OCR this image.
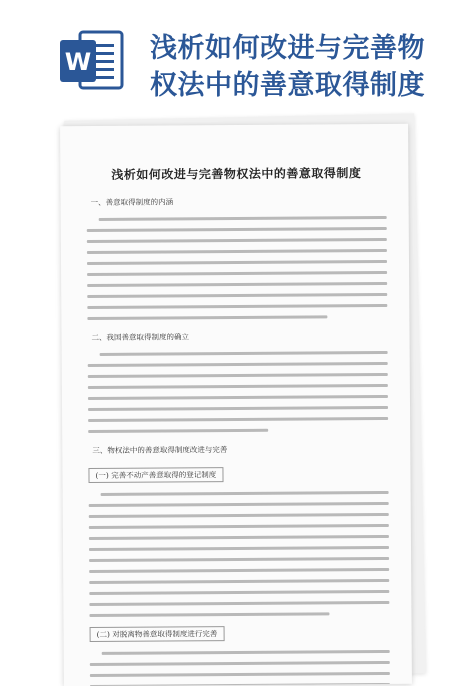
W 浅析如何改进与完善物
权法中的善意取得制度
浅析如何改进与完善物权法中的善意取得制度
一、善意取得制度的内涵

二、我国善意取得制度的确立

三、物权法中的善意取得制度改进与完善
(一) 完善不动产善意取得的登记制度

(二) 对脱离物善意取得制度进行完善
